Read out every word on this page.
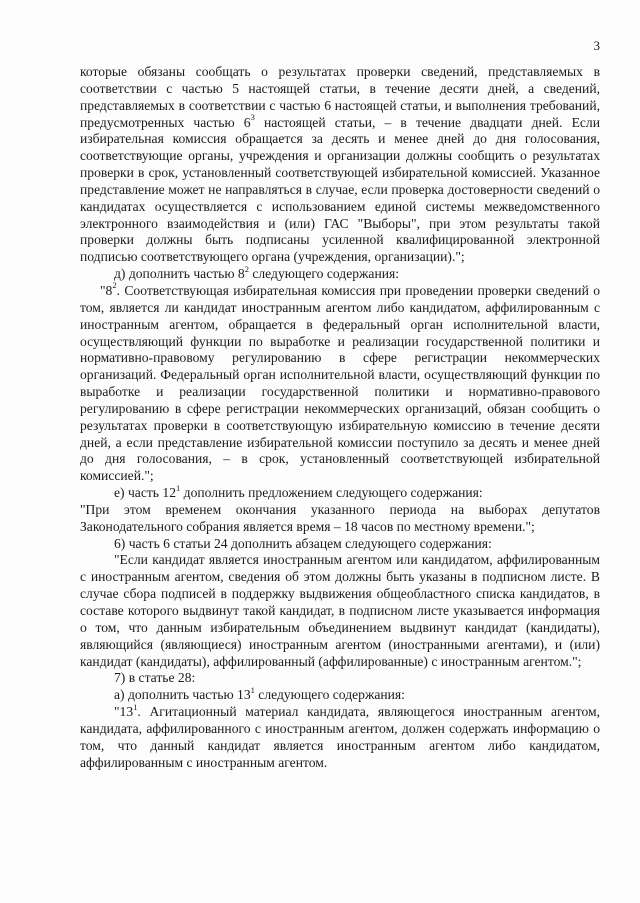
3

которые обязаны сообщать о результатах проверки сведений, представляемых в соответствии с частью 5 настоящей статьи, в течение десяти дней, а сведений, представляемых в соответствии с частью 6 настоящей статьи, и выполнения требований, предусмотренных частью $6^3$ настоящей статьи, – в течение двадцати дней. Если избирательная комиссия обращается за десять и менее дней до дня голосования, соответствующие органы, учреждения и организации должны сообщить о результатах проверки в срок, установленный соответствующей избирательной комиссией. Указанное представление может не направляться в случае, если проверка достоверности сведений о кандидатах осуществляется с использованием единой системы межведомственного электронного взаимодействия и (или) ГАС "Выборы", при этом результаты такой проверки должны быть подписаны усиленной квалифицированной электронной подписью соответствующего органа (учреждения, организации).";

д) дополнить частью $8^2$ следующего содержания:

"$8^2$. Соответствующая избирательная комиссия при проведении проверки сведений о том, является ли кандидат иностранным агентом либо кандидатом, аффилированным с иностранным агентом, обращается в федеральный орган исполнительной власти, осуществляющий функции по выработке и реализации государственной политики и нормативно-правовому регулированию в сфере регистрации некоммерческих организаций. Федеральный орган исполнительной власти, осуществляющий функции по выработке и реализации государственной политики и нормативно-правового регулированию в сфере регистрации некоммерческих организаций, обязан сообщить о результатах проверки в соответствующую избирательную комиссию в течение десяти дней, а если представление избирательной комиссии поступило за десять и менее дней до дня голосования, – в срок, установленный соответствующей избирательной комиссией.";

е) часть $12^1$ дополнить предложением следующего содержания:

"При этом временем окончания указанного периода на выборах депутатов Законодательного собрания является время – 18 часов по местному времени.";

6) часть 6 статьи 24 дополнить абзацем следующего содержания:

"Если кандидат является иностранным агентом или кандидатом, аффилированным с иностранным агентом, сведения об этом должны быть указаны в подписном листе. В случае сбора подписей в поддержку выдвижения общеобластного списка кандидатов, в составе которого выдвинут такой кандидат, в подписном листе указывается информация о том, что данным избирательным объединением выдвинут кандидат (кандидаты), являющийся (являющиеся) иностранным агентом (иностранными агентами), и (или) кандидат (кандидаты), аффилированный (аффилированные) с иностранным агентом.";

7) в статье 28:

а) дополнить частью $13^1$ следующего содержания:

"$13^1$. Агитационный материал кандидата, являющегося иностранным агентом, кандидата, аффилированного с иностранным агентом, должен содержать информацию о том, что данный кандидат является иностранным агентом либо кандидатом, аффилированным с иностранным агентом.
